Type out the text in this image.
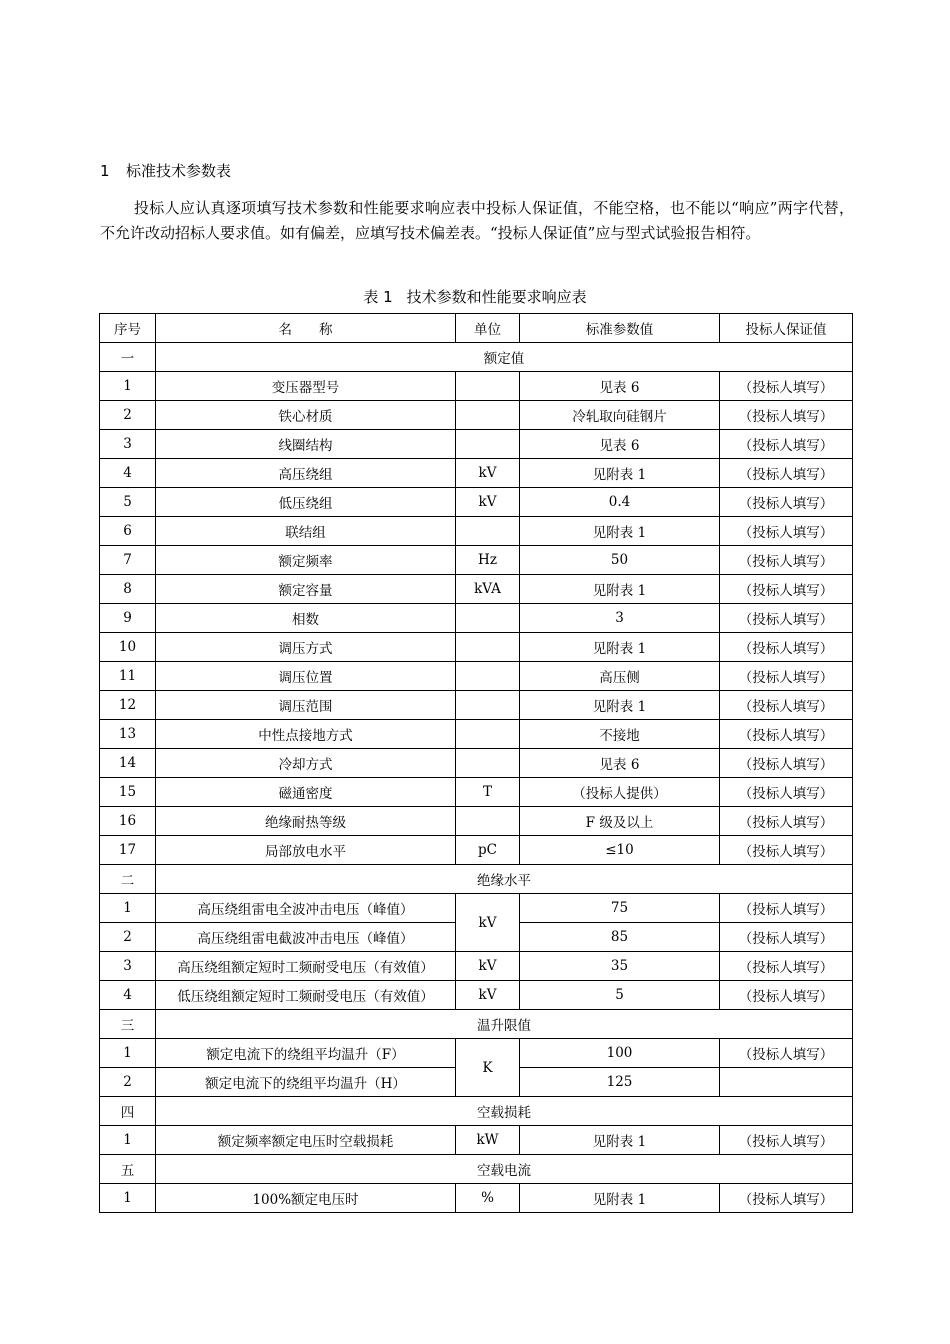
1 标准技术参数表
投标人应认真逐项填写技术参数和性能要求响应表中投标人保证值，不能空格，也不能以“响应”两字代替，不允许改动招标人要求值。如有偏差，应填写技术偏差表。“投标人保证值”应与型式试验报告相符。
表 1 技术参数和性能要求响应表
序号	名　　称	单位	标准参数值	投标人保证值
一	额定值			
1	变压器型号		见表 6	（投标人填写）
2	铁心材质		冷轧取向硅钢片	（投标人填写）
3	线圈结构		见表 6	（投标人填写）
4	高压绕组	kV	见附表 1	（投标人填写）
5	低压绕组	kV	0.4	（投标人填写）
6	联结组		见附表 1	（投标人填写）
7	额定频率	Hz	50	（投标人填写）
8	额定容量	kVA	见附表 1	（投标人填写）
9	相数		3	（投标人填写）
10	调压方式		见附表 1	（投标人填写）
11	调压位置		高压侧	（投标人填写）
12	调压范围		见附表 1	（投标人填写）
13	中性点接地方式		不接地	（投标人填写）
14	冷却方式		见表 6	（投标人填写）
15	磁通密度	T	（投标人提供）	（投标人填写）
16	绝缘耐热等级		F 级及以上	（投标人填写）
17	局部放电水平	pC	≤10	（投标人填写）
二	绝缘水平			
1	高压绕组雷电全波冲击电压（峰值）	kV	75	（投标人填写）
2	高压绕组雷电截波冲击电压（峰值）		85	（投标人填写）
3	高压绕组额定短时工频耐受电压（有效值）	kV	35	（投标人填写）
4	低压绕组额定短时工频耐受电压（有效值）	kV	5	（投标人填写）
三	温升限值			
1	额定电流下的绕组平均温升（F）	K	100	（投标人填写）
2	额定电流下的绕组平均温升（H）		125	
四	空载损耗			
1	额定频率额定电压时空载损耗	kW	见附表 1	（投标人填写）
五	空载电流			
1	100%额定电压时	%	见附表 1	（投标人填写）
